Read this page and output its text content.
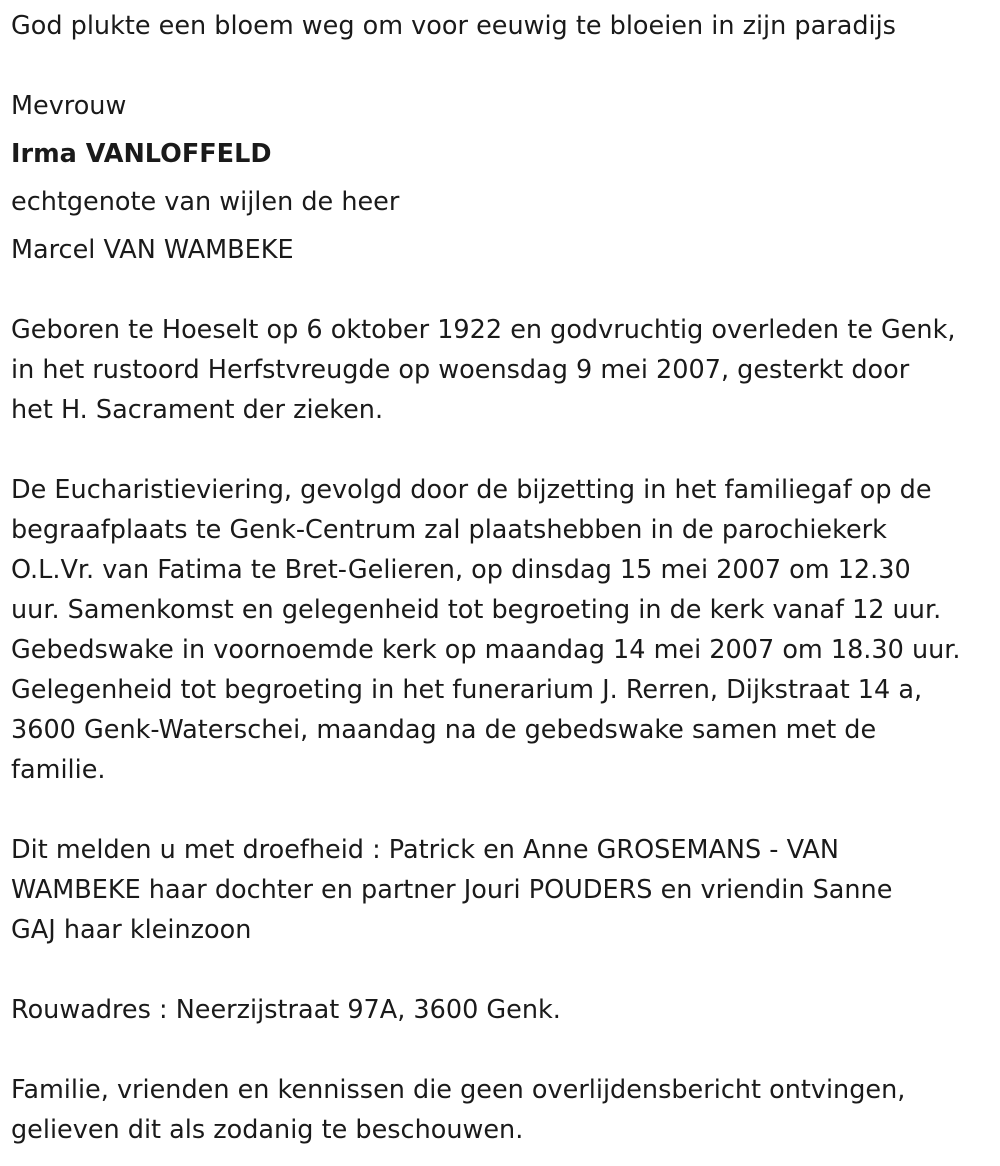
God plukte een bloem weg om voor eeuwig te bloeien in zijn paradijs
Mevrouw
Irma VANLOFFELD
echtgenote van wijlen de heer
Marcel VAN WAMBEKE
Geboren te Hoeselt op 6 oktober 1922 en godvruchtig overleden te Genk,
in het rustoord Herfstvreugde op woensdag 9 mei 2007, gesterkt door
het H. Sacrament der zieken.
De Eucharistieviering, gevolgd door de bijzetting in het familiegaf op de
begraafplaats te Genk-Centrum zal plaatshebben in de parochiekerk
O.L.Vr. van Fatima te Bret-Gelieren, op dinsdag 15 mei 2007 om 12.30
uur. Samenkomst en gelegenheid tot begroeting in de kerk vanaf 12 uur.
Gebedswake in voornoemde kerk op maandag 14 mei 2007 om 18.30 uur.
Gelegenheid tot begroeting in het funerarium J. Rerren, Dijkstraat 14 a,
3600 Genk-Waterschei, maandag na de gebedswake samen met de
familie.
Dit melden u met droefheid : Patrick en Anne GROSEMANS - VAN
WAMBEKE haar dochter en partner Jouri POUDERS en vriendin Sanne
GAJ haar kleinzoon
Rouwadres : Neerzijstraat 97A, 3600 Genk.
Familie, vrienden en kennissen die geen overlijdensbericht ontvingen,
gelieven dit als zodanig te beschouwen.
